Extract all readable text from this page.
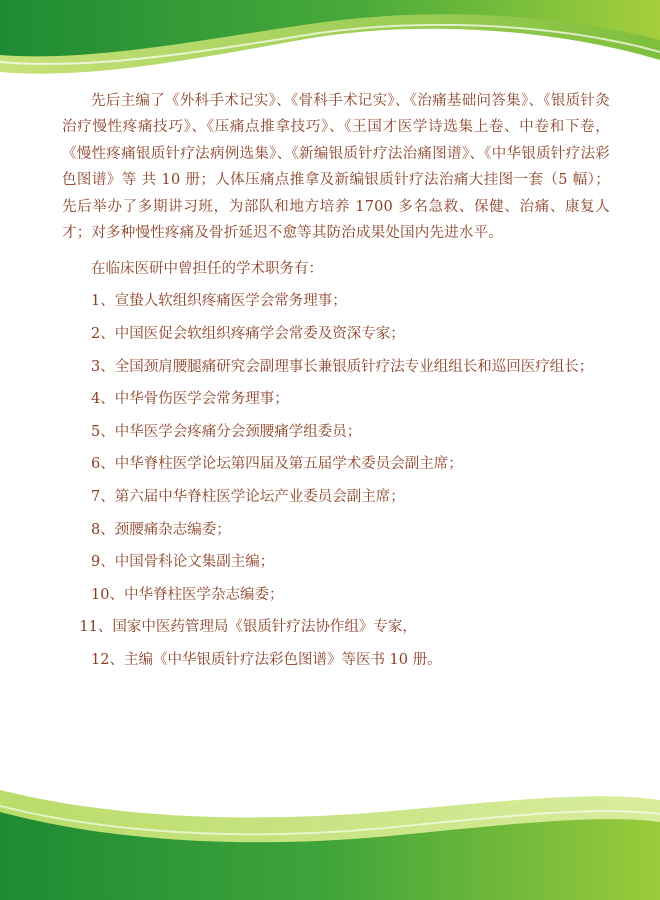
先后主编了《外科手术记实》、《骨科手术记实》、《治痛基础问答集》、《银质针灸治疗慢性疼痛技巧》、《压痛点推拿技巧》、《王国才医学诗选集上卷、中卷和下卷，《慢性疼痛银质针疗法病例选集》、《新编银质针疗法治痛图谱》、《中华银质针疗法彩色图谱》等 共 10 册；人体压痛点推拿及新编银质针疗法治痛大挂图一套（5 幅）；先后举办了多期讲习班，为部队和地方培养 1700 多名急救、保健、治痛、康复人才；对多种慢性疼痛及骨折延迟不愈等其防治成果处国内先进水平。

在临床医研中曾担任的学术职务有：

1、宣蛰人软组织疼痛医学会常务理事；
2、中国医促会软组织疼痛学会常委及资深专家；
3、全国颈肩腰腿痛研究会副理事长兼银质针疗法专业组组长和巡回医疗组长；
4、中华骨伤医学会常务理事；
5、中华医学会疼痛分会颈腰痛学组委员；
6、中华脊柱医学论坛第四届及第五届学术委员会副主席；
7、第六届中华脊柱医学论坛产业委员会副主席；
8、颈腰痛杂志编委；
9、中国骨科论文集副主编；
10、中华脊柱医学杂志编委；
11、国家中医药管理局《银质针疗法协作组》专家，
12、主编《中华银质针疗法彩色图谱》等医书 10 册。
